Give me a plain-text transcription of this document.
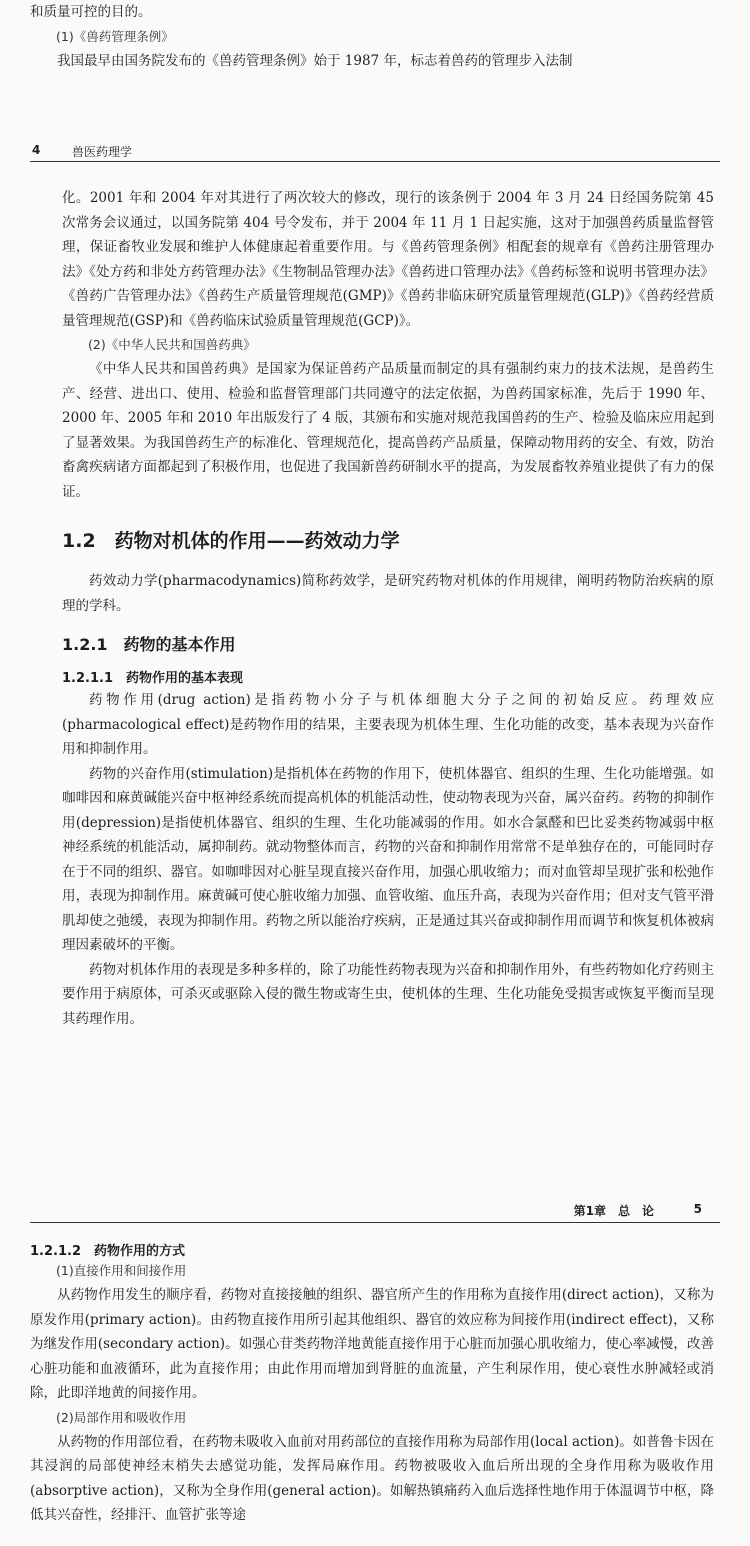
和质量可控的目的。
(1)《兽药管理条例》
我国最早由国务院发布的《兽药管理条例》始于 1987 年，标志着兽药的管理步入法制
4	兽医药理学

化。2001 年和 2004 年对其进行了两次较大的修改，现行的该条例于 2004 年 3 月 24 日经国务院第 45 次常务会议通过，以国务院第 404 号令发布，并于 2004 年 11 月 1 日起实施，这对于加强兽药质量监督管理，保证畜牧业发展和维护人体健康起着重要作用。与《兽药管理条例》相配套的规章有《兽药注册管理办法》《处方药和非处方药管理办法》《生物制品管理办法》《兽药进口管理办法》《兽药标签和说明书管理办法》《兽药广告管理办法》《兽药生产质量管理规范(GMP)》《兽药非临床研究质量管理规范(GLP)》《兽药经营质量管理规范(GSP)和《兽药临床试验质量管理规范(GCP)》。

(2)《中华人民共和国兽药典》

《中华人民共和国兽药典》是国家为保证兽药产品质量而制定的具有强制约束力的技术法规，是兽药生产、经营、进出口、使用、检验和监督管理部门共同遵守的法定依据，为兽药国家标准，先后于 1990 年、2000 年、2005 年和 2010 年出版发行了 4 版，其颁布和实施对规范我国兽药的生产、检验及临床应用起到了显著效果。为我国兽药生产的标准化、管理规范化，提高兽药产品质量，保障动物用药的安全、有效，防治畜禽疾病诸方面都起到了积极作用，也促进了我国新兽药研制水平的提高，为发展畜牧养殖业提供了有力的保证。

1.2　药物对机体的作用——药效动力学

药效动力学(pharmacodynamics)简称药效学，是研究药物对机体的作用规律，阐明药物防治疾病的原理的学科。

1.2.1　药物的基本作用
1.2.1.1　药物作用的基本表现

药物作用(drug action)是指药物小分子与机体细胞大分子之间的初始反应。药理效应(pharmacological effect)是药物作用的结果，主要表现为机体生理、生化功能的改变，基本表现为兴奋作用和抑制作用。

药物的兴奋作用(stimulation)是指机体在药物的作用下，使机体器官、组织的生理、生化功能增强。如咖啡因和麻黄碱能兴奋中枢神经系统而提高机体的机能活动性，使动物表现为兴奋，属兴奋药。药物的抑制作用(depression)是指使机体器官、组织的生理、生化功能减弱的作用。如水合氯醛和巴比妥类药物减弱中枢神经系统的机能活动，属抑制药。就动物整体而言，药物的兴奋和抑制作用常常不是单独存在的，可能同时存在于不同的组织、器官。如咖啡因对心脏呈现直接兴奋作用，加强心肌收缩力；而对血管却呈现扩张和松弛作用，表现为抑制作用。麻黄碱可使心脏收缩力加强、血管收缩、血压升高，表现为兴奋作用；但对支气管平滑肌却使之弛缓，表现为抑制作用。药物之所以能治疗疾病，正是通过其兴奋或抑制作用而调节和恢复机体被病理因素破坏的平衡。

药物对机体作用的表现是多种多样的，除了功能性药物表现为兴奋和抑制作用外，有些药物如化疗药则主要作用于病原体，可杀灭或驱除入侵的微生物或寄生虫，使机体的生理、生化功能免受损害或恢复平衡而呈现其药理作用。

第1章　总　论	5
1.2.1.2　药物作用的方式
(1)直接作用和间接作用

从药物作用发生的顺序看，药物对直接接触的组织、器官所产生的作用称为直接作用(direct action)，又称为原发作用(primary action)。由药物直接作用所引起其他组织、器官的效应称为间接作用(indirect effect)，又称为继发作用(secondary action)。如强心苷类药物洋地黄能直接作用于心脏而加强心肌收缩力，使心率减慢，改善心脏功能和血液循环，此为直接作用；由此作用而增加到肾脏的血流量，产生利尿作用，使心衰性水肿减轻或消除，此即洋地黄的间接作用。

(2)局部作用和吸收作用

从药物的作用部位看，在药物未吸收入血前对用药部位的直接作用称为局部作用(local action)。如普鲁卡因在其浸润的局部使神经末梢失去感觉功能，发挥局麻作用。药物被吸收入血后所出现的全身作用称为吸收作用(absorptive action)，又称为全身作用(general action)。如解热镇痛药入血后选择性地作用于体温调节中枢，降低其兴奋性，经排汗、血管扩张等途
